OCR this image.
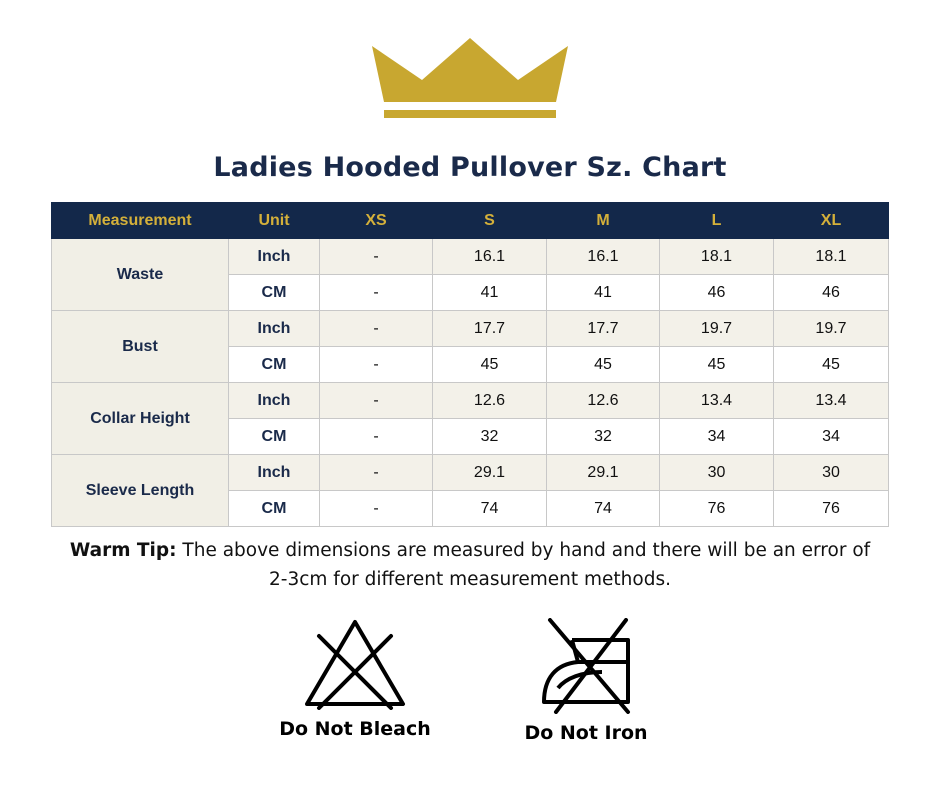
Ladies Hooded Pullover Sz. Chart
Measurement	Unit	XS	S	M	L	XL
Waste	Inch	-	16.1	16.1	18.1	18.1
	CM	-	41	41	46	46
Bust	Inch	-	17.7	17.7	19.7	19.7
	CM	-	45	45	45	45
Collar Height	Inch	-	12.6	12.6	13.4	13.4
	CM	-	32	32	34	34
Sleeve Length	Inch	-	29.1	29.1	30	30
	CM	-	74	74	76	76
Warm Tip: The above dimensions are measured by hand and there will be an error of 2-3cm for different measurement methods.
Do Not Bleach	Do Not Iron
